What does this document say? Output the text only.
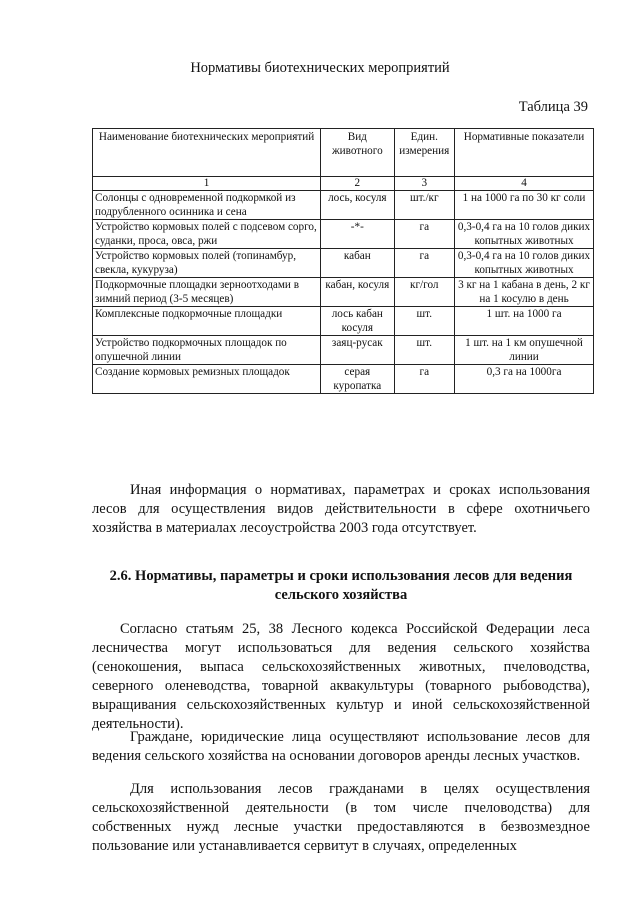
Нормативы биотехнических мероприятий
Таблица 39
Наименование биотехнических мероприятий	Вид животного	Един. измерения	Нормативные показатели
1	2	3	4
Солонцы с одновременной подкормкой из подрубленного осинника и сена	лось, косуля	шт./кг	1 на 1000 га по 30 кг соли
Устройство кормовых полей с подсевом сорго, суданки, проса, овса, ржи	-*-	га	0,3-0,4 га на 10 голов диких копытных животных
Устройство кормовых полей (топинамбур, свекла, кукуруза)	кабан	га	0,3-0,4 га на 10 голов диких копытных животных
Подкормочные площадки зерноотходами в зимний период (3-5 месяцев)	кабан, косуля	кг/гол	3 кг на 1 кабана в день, 2 кг на 1 косулю в день
Комплексные подкормочные площадки	лось кабан косуля	шт.	1 шт. на 1000 га
Устройство подкормочных площадок по опушечной линии	заяц-русак	шт.	1 шт. на 1 км опушечной линии
Создание кормовых ремизных площадок	серая куропатка	га	0,3 га на 1000га

Иная информация о нормативах, параметрах и сроках использования лесов для осуществления видов действительности в сфере охотничьего хозяйства в материалах лесоустройства 2003 года отсутствует.

2.6. Нормативы, параметры и сроки использования лесов для ведения сельского хозяйства

Согласно статьям 25, 38 Лесного кодекса Российской Федерации леса лесничества могут использоваться для ведения сельского хозяйства (сенокошения, выпаса сельскохозяйственных животных, пчеловодства, северного оленеводства, товарной аквакультуры (товарного рыбоводства), выращивания сельскохозяйственных культур и иной сельскохозяйственной деятельности).

Граждане, юридические лица осуществляют использование лесов для ведения сельского хозяйства на основании договоров аренды лесных участков.

Для использования лесов гражданами в целях осуществления сельскохозяйственной деятельности (в том числе пчеловодства) для собственных нужд лесные участки предоставляются в безвозмездное пользование или устанавливается сервитут в случаях, определенных
